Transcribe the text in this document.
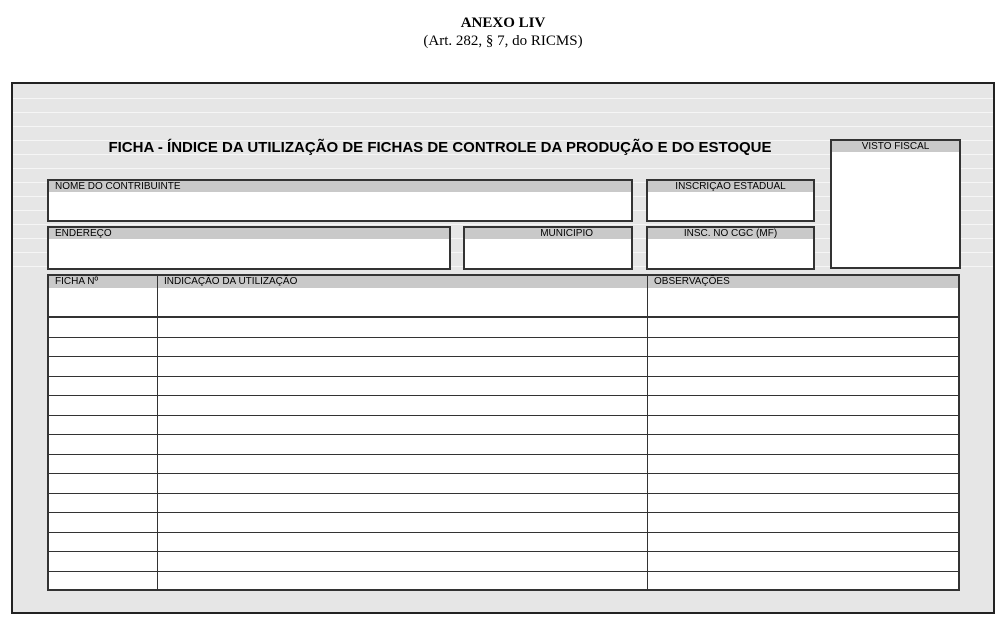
ANEXO LIV
(Art. 282, § 7, do RICMS)
FICHA - ÍNDICE DA UTILIZAÇÃO DE FICHAS DE CONTROLE DA PRODUÇÃO E DO ESTOQUE	VISTO FISCAL
NOME DO CONTRIBUINTE	INSCRIÇÃO ESTADUAL
ENDEREÇO	MUNICIPIO	INSC. NO CGC (MF)
FICHA Nº	INDICAÇÃO DA UTILIZAÇÃO	OBSERVAÇÕES
